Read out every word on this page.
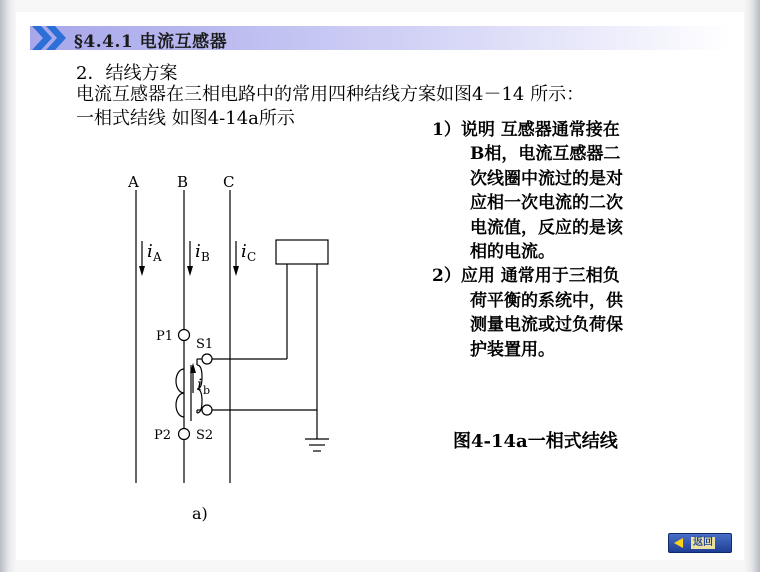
§4.4.1 电流互感器
2．结线方案
电流互感器在三相电路中的常用四种结线方案如图4－14 所示：
一相式结线 如图4-14a所示
A	B C
i A i B i C
P1
S1
P2 S2
i b
a)
1）说明 互感器通常接在
B相，电流互感器二
次线圈中流过的是对
应相一次电流的二次
电流值，反应的是该
相的电流。
2）应用 通常用于三相负
荷平衡的系统中，供
测量电流或过负荷保
护装置用。
图4-14a一相式结线
返回
